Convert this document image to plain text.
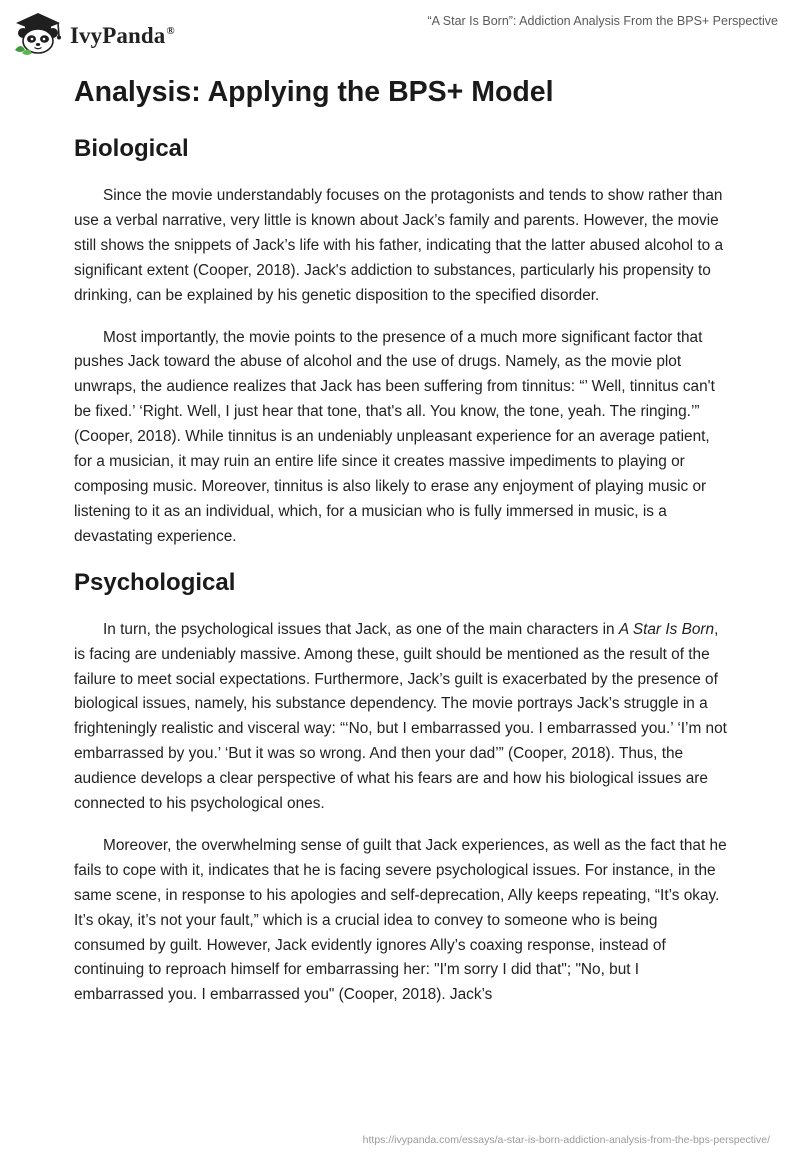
IvyPanda®
“A Star Is Born”: Addiction Analysis From the BPS+ Perspective
Analysis: Applying the BPS+ Model
Biological

Since the movie understandably focuses on the protagonists and tends to show rather than use a verbal narrative, very little is known about Jack’s family and parents. However, the movie still shows the snippets of Jack’s life with his father, indicating that the latter abused alcohol to a significant extent (Cooper, 2018). Jack's addiction to substances, particularly his propensity to drinking, can be explained by his genetic disposition to the specified disorder.

Most importantly, the movie points to the presence of a much more significant factor that pushes Jack toward the abuse of alcohol and the use of drugs. Namely, as the movie plot unwraps, the audience realizes that Jack has been suffering from tinnitus: “’ Well, tinnitus can't be fixed.’ ‘Right. Well, I just hear that tone, that's all. You know, the tone, yeah. The ringing.’” (Cooper, 2018). While tinnitus is an undeniably unpleasant experience for an average patient, for a musician, it may ruin an entire life since it creates massive impediments to playing or composing music. Moreover, tinnitus is also likely to erase any enjoyment of playing music or listening to it as an individual, which, for a musician who is fully immersed in music, is a devastating experience.

Psychological

In turn, the psychological issues that Jack, as one of the main characters in A Star Is Born, is facing are undeniably massive. Among these, guilt should be mentioned as the result of the failure to meet social expectations. Furthermore, Jack’s guilt is exacerbated by the presence of biological issues, namely, his substance dependency. The movie portrays Jack’s struggle in a frighteningly realistic and visceral way: “‘No, but I embarrassed you. I embarrassed you.’ ‘I’m not embarrassed by you.’ ‘But it was so wrong. And then your dad’” (Cooper, 2018). Thus, the audience develops a clear perspective of what his fears are and how his biological issues are connected to his psychological ones.

Moreover, the overwhelming sense of guilt that Jack experiences, as well as the fact that he fails to cope with it, indicates that he is facing severe psychological issues. For instance, in the same scene, in response to his apologies and self-deprecation, Ally keeps repeating, “It’s okay. It’s okay, it’s not your fault,” which is a crucial idea to convey to someone who is being consumed by guilt. However, Jack evidently ignores Ally’s coaxing response, instead of continuing to reproach himself for embarrassing her: "I'm sorry I did that"; "No, but I embarrassed you. I embarrassed you" (Cooper, 2018). Jack’s

https://ivypanda.com/essays/a-star-is-born-addiction-analysis-from-the-bps-perspective/
